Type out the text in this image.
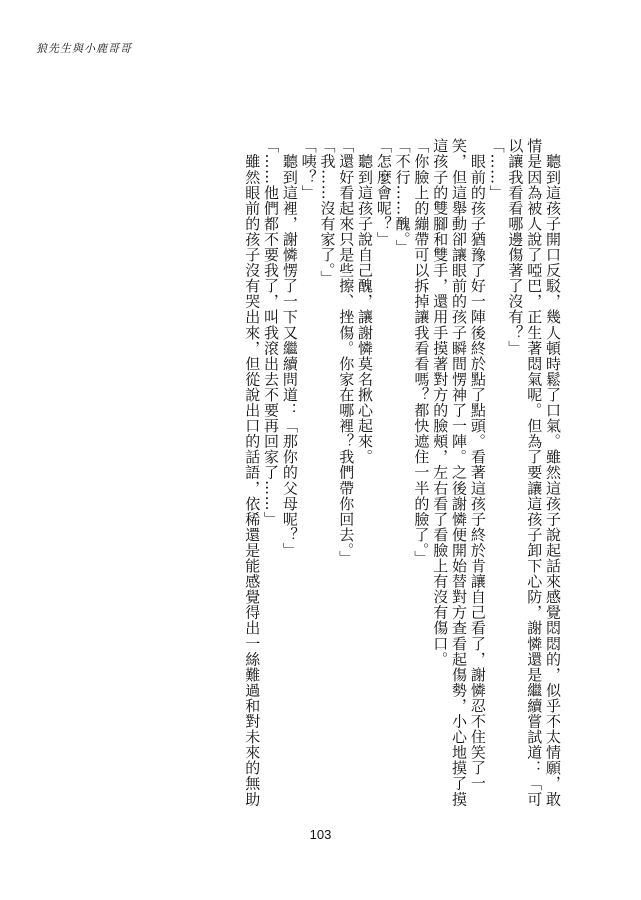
狼先生與小鹿哥哥

　聽到這孩子開口反駁，幾人頓時鬆了口氣。雖然這孩子說起話來感覺悶悶的，似乎不太情願，敢情是因為被人說了啞巴，正生著悶氣呢。但為了要讓這孩子卸下心防，謝憐還是繼續嘗試道：「可以讓我看看哪邊傷著了沒有？」

「……」

　眼前的孩子猶豫了好一陣後終於點了點頭。看著這孩子終於肯讓自己看了，謝憐忍不住笑了一笑，但這舉動卻讓眼前的孩子瞬間愣神了一陣。之後謝憐便開始替對方查看起傷勢，小心地摸了摸這孩子的雙腳和雙手，還用手摸著對方的臉頰，左右看了看臉上有沒有傷口。

「你臉上的繃帶可以拆掉讓我看看嗎？都快遮住一半的臉了。」

「不行……醜。」

「怎麼會呢？」

　聽到這孩子說自己醜，讓謝憐莫名揪心起來。

「還好看起來只是些擦、挫傷。你家在哪裡？我們帶你回去。」

「我……沒有家了。」

「咦？」

　聽到這裡，謝憐愣了一下又繼續問道：「那你的父母呢？」

「……他們都不要我了，叫我滾出去不要再回家了……」

　雖然眼前的孩子沒有哭出來，但從說出口的話語，依稀還是能感覺得出一絲難過和對未來的無助

103
